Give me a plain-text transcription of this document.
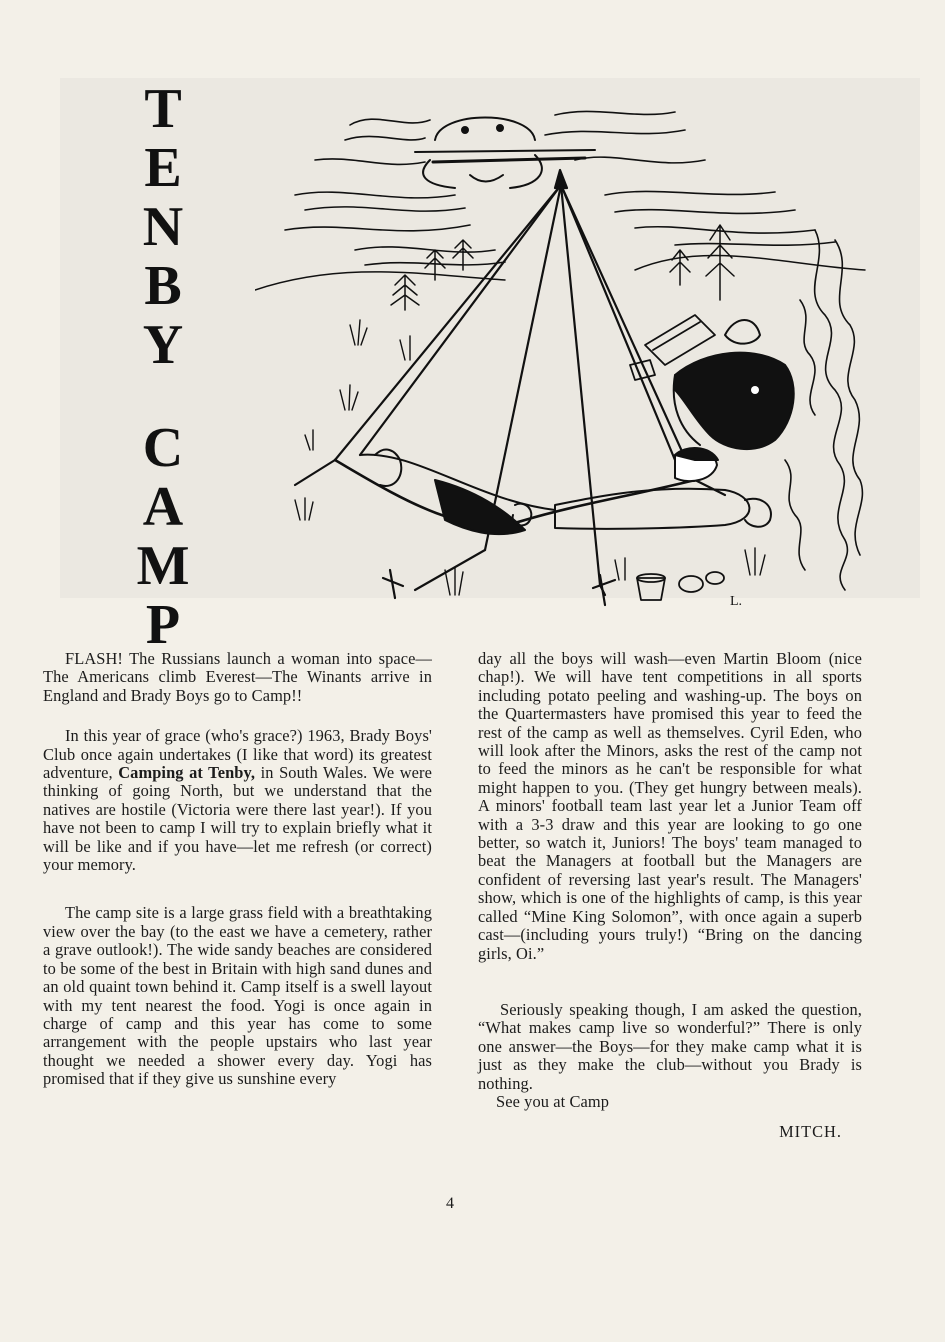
T
E
N
B
Y
C
A
M
P	L.

FLASH! The Russians launch a woman into space—The Americans climb Everest—The Winants arrive in England and Brady Boys go to Camp!!

In this year of grace (who's grace?) 1963, Brady Boys' Club once again undertakes (I like that word) its greatest adventure, Camping at Tenby, in South Wales. We were thinking of going North, but we understand that the natives are hostile (Victoria were there last year!). If you have not been to camp I will try to explain briefly what it will be like and if you have—let me refresh (or correct) your memory.

The camp site is a large grass field with a breathtaking view over the bay (to the east we have a cemetery, rather a grave outlook!). The wide sandy beaches are considered to be some of the best in Britain with high sand dunes and an old quaint town behind it. Camp itself is a swell layout with my tent nearest the food. Yogi is once again in charge of camp and this year has come to some arrangement with the people upstairs who last year thought we needed a shower every day. Yogi has promised that if they give us sunshine every

day all the boys will wash—even Martin Bloom (nice chap!). We will have tent competitions in all sports including potato peeling and washing-up. The boys on the Quartermasters have promised this year to feed the rest of the camp as well as themselves. Cyril Eden, who will look after the Minors, asks the rest of the camp not to feed the minors as he can't be responsible for what might happen to you. (They get hungry between meals). A minors' football team last year let a Junior Team off with a 3-3 draw and this year are looking to go one better, so watch it, Juniors! The boys' team managed to beat the Managers at football but the Managers are confident of reversing last year's result. The Managers' show, which is one of the highlights of camp, is this year called “Mine King Solomon”, with once again a superb cast—(including yours truly!) “Bring on the dancing girls, Oi.”

Seriously speaking though, I am asked the question, “What makes camp live so wonderful?” There is only one answer—the Boys—for they make camp what it is just as they make the club—without you Brady is nothing.

See you at Camp

MITCH.

4
